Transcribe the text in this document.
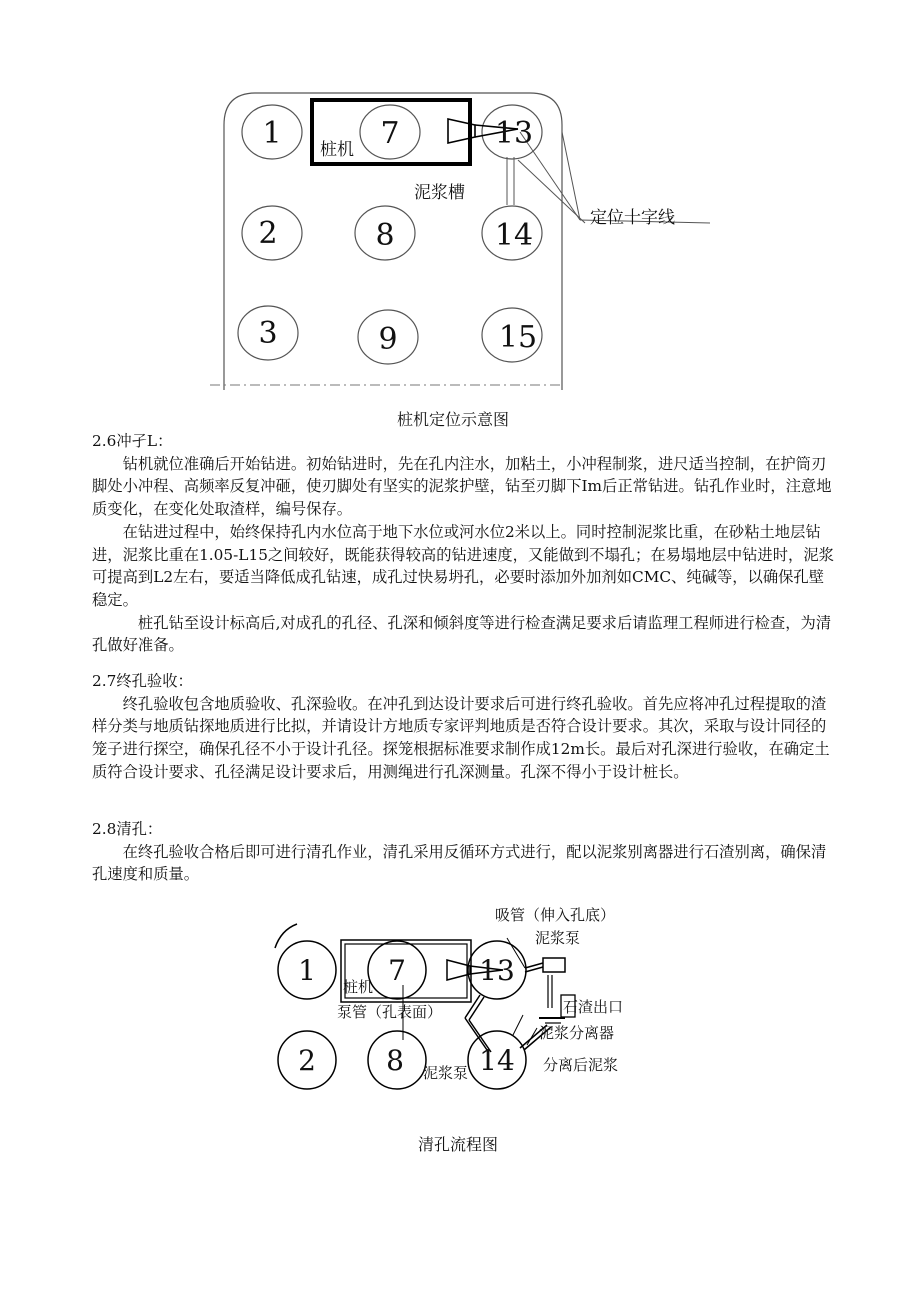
1	7	13
2	8	14
3	9	15
桩机
泥浆槽
定位十字线
桩机定位示意图

2.6冲孑L：

钻机就位准确后开始钻进。初始钻进时，先在孔内注水，加粘土，小冲程制浆，进尺适当控制，在护筒刃脚处小冲程、高频率反复冲砸，使刃脚处有坚实的泥浆护壁，钻至刃脚下Im后正常钻进。钻孔作业时，注意地质变化，在变化处取渣样，编号保存。

在钻进过程中，始终保持孔内水位高于地下水位或河水位2米以上。同时控制泥浆比重，在砂粘土地层钻进，泥浆比重在1.05-L15之间较好，既能获得较高的钻进速度，又能做到不塌孔；在易塌地层中钻进时，泥浆可提高到L2左右，要适当降低成孔钻速，成孔过快易坍孔，必要时添加外加剂如CMC、纯碱等，以确保孔壁稳定。

桩孔钻至设计标高后,对成孔的孔径、孔深和倾斜度等进行检查满足要求后请监理工程师进行检查，为清孔做好准备。

2.7终孔验收：

终孔验收包含地质验收、孔深验收。在冲孔到达设计要求后可进行终孔验收。首先应将冲孔过程提取的渣样分类与地质钻探地质进行比拟，并请设计方地质专家评判地质是否符合设计要求。其次，采取与设计同径的笼子进行探空，确保孔径不小于设计孔径。探笼根据标准要求制作成12m长。最后对孔深进行验收，在确定土质符合设计要求、孔径满足设计要求后，用测绳进行孔深测量。孔深不得小于设计桩长。

2.8清孔：

在终孔验收合格后即可进行清孔作业，清孔采用反循环方式进行，配以泥浆别离器进行石渣别离，确保清孔速度和质量。

1	7	13
2	8	14
桩机
吸管（伸入孔底）
泥浆泵
石渣出口
泵管（孔表面）
泥浆分离器
泥浆泵	分离后泥浆
清孔流程图
